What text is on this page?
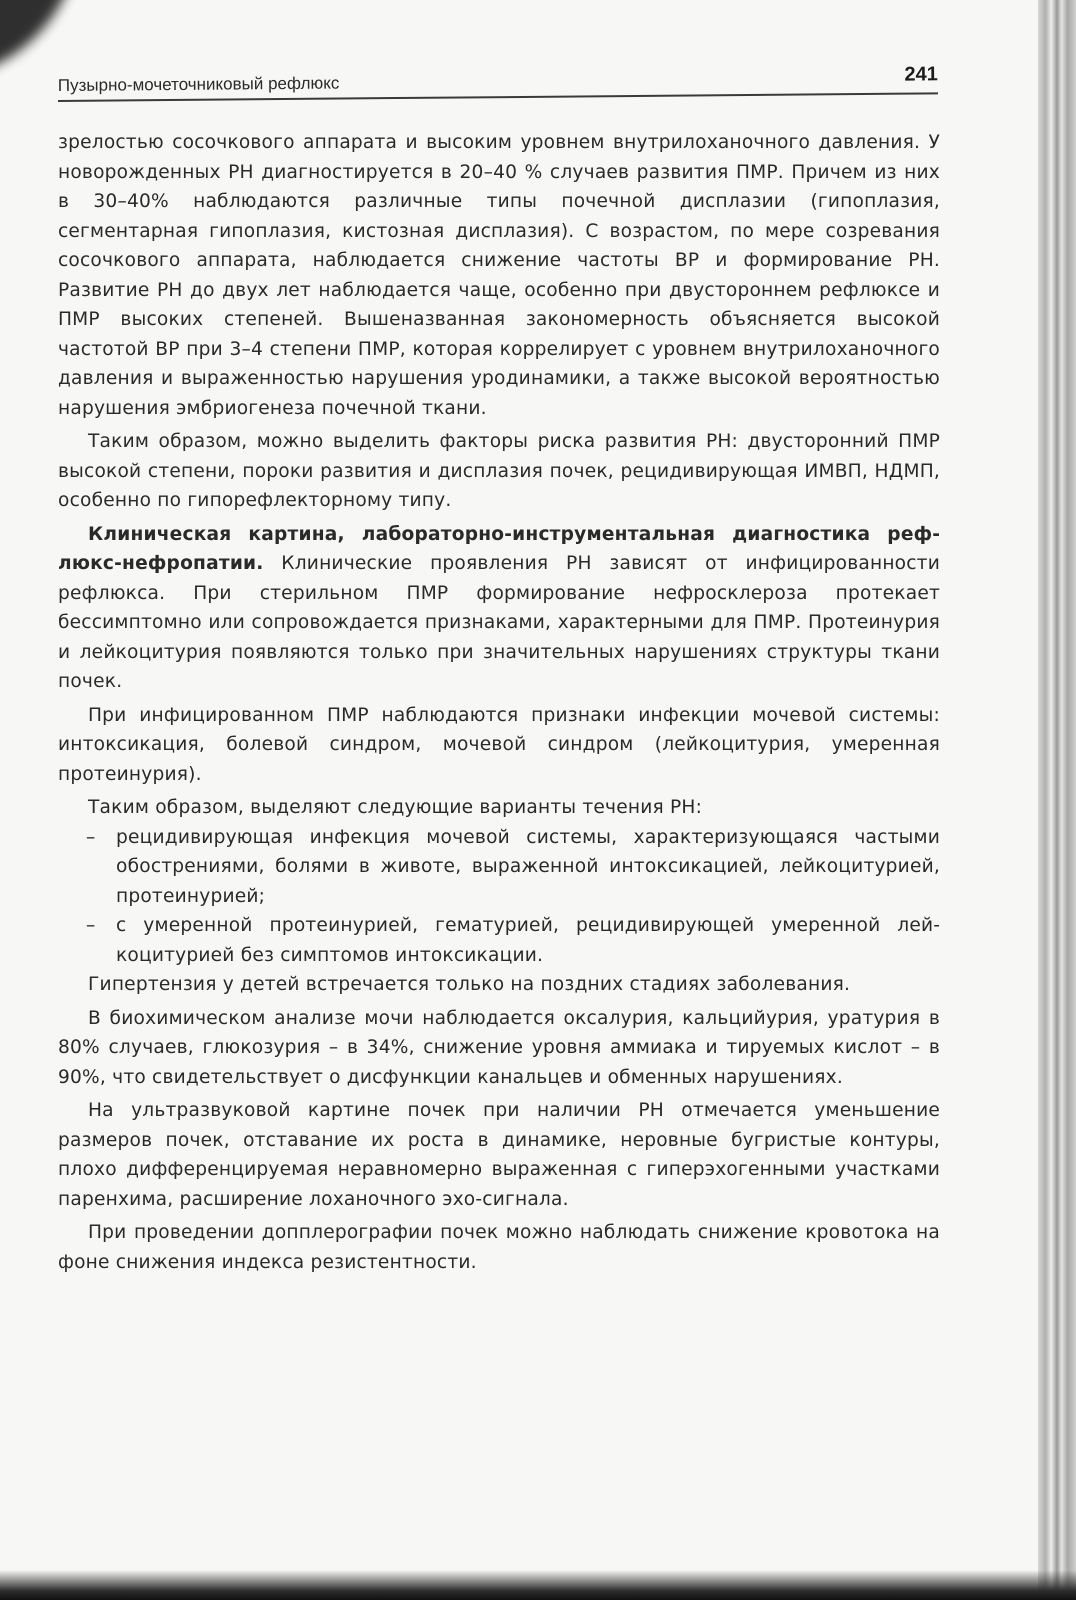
Пузырно-мочеточниковый рефлюкс	241

зрелостью сосочкового аппарата и высоким уровнем внутрилоханочного давления. У новорожденных РН диагностируется в 20–40 % случаев развития ПМР. Причем из них в 30–40% наблюдаются различные типы почечной дисплазии (гипоплазия, сегментарная гипоплазия, кистозная дисплазия). С возрастом, по мере созревания сосочкового аппарата, наблюдается снижение частоты ВР и формирование РН. Развитие РН до двух лет наблюдается чаще, особенно при двустороннем рефлюксе и ПМР высоких степеней. Вышеназванная закономерность объясняется высокой частотой ВР при 3–4 степени ПМР, которая коррелирует с уровнем внутрилоханочного давления и выраженностью нарушения уродинамики, а также высокой вероятностью нарушения эмбриогенеза почечной ткани.

Таким образом, можно выделить факторы риска развития РН: двусторонний ПМР высокой степени, пороки развития и дисплазия почек, рецидивирующая ИМВП, НДМП, особенно по гипорефлекторному типу.

Клиническая картина, лабораторно-инструментальная диагностика рефлюкс-нефропатии. Клинические проявления РН зависят от инфицированности рефлюкса. При стерильном ПМР формирование нефросклероза протекает бессимптомно или сопровождается признаками, характерными для ПМР. Протеинурия и лейкоцитурия появляются только при значительных нарушениях структуры ткани почек.

При инфицированном ПМР наблюдаются признаки инфекции мочевой системы: интоксикация, болевой синдром, мочевой синдром (лейкоцитурия, умеренная протеинурия).

Таким образом, выделяют следующие варианты течения РН:

– рецидивирующая инфекция мочевой системы, характеризующаяся частыми обострениями, болями в животе, выраженной интоксикацией, лейкоцитурией, протеинурией;

– с умеренной протеинурией, гематурией, рецидивирующей умеренной лейкоцитурией без симптомов интоксикации.

Гипертензия у детей встречается только на поздних стадиях заболевания.

В биохимическом анализе мочи наблюдается оксалурия, кальцийурия, уратурия в 80% случаев, глюкозурия – в 34%, снижение уровня аммиака и тируемых кислот – в 90%, что свидетельствует о дисфункции канальцев и обменных нарушениях.

На ультразвуковой картине почек при наличии РН отмечается уменьшение размеров почек, отставание их роста в динамике, неровные бугристые контуры, плохо дифференцируемая неравномерно выраженная с гиперэхогенными участками паренхима, расширение лоханочного эхо-сигнала.

При проведении допплерографии почек можно наблюдать снижение кровотока на фоне снижения индекса резистентности.
